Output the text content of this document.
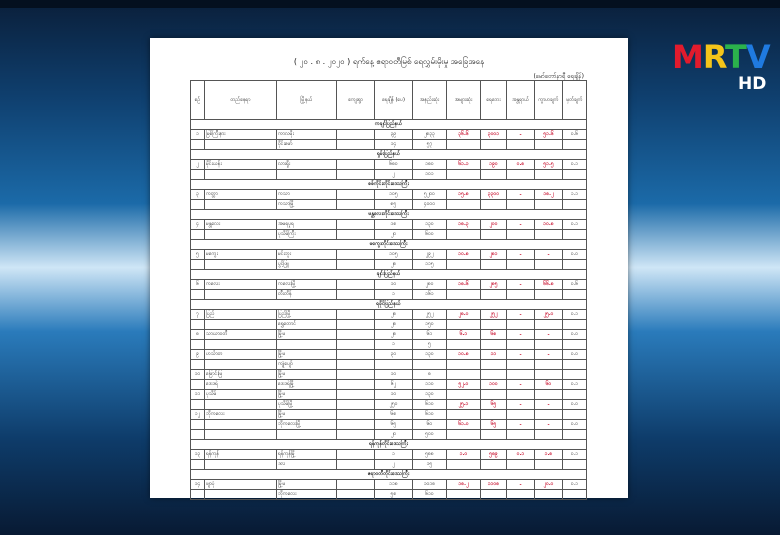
MRTV
HD
( ၂၀ . ၈ . ၂၀၂၀ ) ရက်နေ့ ဧရာဝတီမြစ် ရေလွှမ်းမိုးမှု အခြေအနေ
(မော်တော်နာရီ ရေချိန်)
စဉ်	တည်နေရာ	မြို့နယ်	ကျေးရွာ	ရေချိန် (ပေ)	အနည်းဆုံး	အများဆုံး	ရေဘေး	အန္တရာယ်	ကွာဟချက်	မှတ်ချက်
ကချင်ပြည်နယ်										
၁	မြစ်ကြီးနား	ကာလမိုး		၃၉	၂၈၃၃	၃၆.၆	၃၀၀၁	-	၅၁.၆	၀.၆
		ဝိုင်းမော်		၁၄	၅၇					
ရှမ်းပြည်နယ်										
၂	မိုင်းယန်း	လားရှိုး		၆၈၀	၁၈၀	၆၁.၁	၁၉၀	၀.၈	၅၁.၅	၀.၁
				၂	၁၀၁					
စစ်ကိုင်းတိုင်းဒေသကြီး										
၃	ကတ္တာ	ကသာ		၁၀၅	၅၂၀၀	၁၅.၈	၃၃၀၀	-	၁၈.၂	၁.၁
		ကသာမြို့		၈၅	၄၀၀၀					
မန္တလေးတိုင်းဒေသကြီး										
၄	မန္တလေး	အမရပူရ		၁၈	၁၃၀	၁၈.၃	၂၀၀	-	၁၀.၈	၀.၁
		ပုသိမ်ကြီး		၂၀	၆၀၀					
မကွေးတိုင်းဒေသကြီး										
၅	မကွေး	မင်းဘူး		၁၀၅	၂၉၂	၁၀.၈	၂၈၁	-	-	၀.၀
		ပွင့်ဖြူ		၂၈	၁၁၅					
ချင်းပြည်နယ်										
၆	ကလေး	ကလေးမြို့		၁၀	၂၈၀	၁၈.၆	၂၈၅	-	၆၆.၈	၀.၆
		တီးတိန်		၁	၁၆၁					
ရခိုင်ပြည်နယ်										
၇	ပြည်	ပြည်မြို့		၂၈	၂၅၂	၂၈.၀	၂၅၂	-	၂၅.၀	၀.၁
		ရွှေတောင်		၂၈	၁၅၀					
၈	သာယာဝတီ	မြို့မ		၂၈	၆၁	၆.၁	၆၈	-	-	၀.၀
				၁	၅					
၉	ဟင်္သာတ	မြို့မ		၃၀	၁၃၀	၁၀.၈	၁၁	-	-	၀.၀
		ကျုံပျော်								
၁၀	မြောင်းမြ	မြို့မ		၁၀	၈					
	ဒေးဒရဲ	ဒေးဒရဲမြို့		၆၂	၁၁၀	၅၂.၀	၁၀၀	-	၆၀	၀.၁
၁၁	ပုသိမ်	မြို့မ		၁၀	၁၃၀					
		ပုသိမ်မြို့		၂၅၀	၆၁၀	၂၅.၁	၆၅	-	-	၀.၀
၁၂	ဘိုကလေး	မြို့မ		၆၈	၆၁၀					
		ဘိုကလေးမြို့		၆၅	၆၀	၆၁.၀	၆၅	-	-	၀.၀
				၂၀	၅၀၀					
ရန်ကုန်တိုင်းဒေသကြီး										
၁၃	ရန်ကုန်	ရန်ကုန်မြို့		၁	၅၈၈	၁.၀	၅၈၉	၀.၁	၁.၈	၀.၁
		ဒလ		၂	၁၅					
ဧရာဝတီတိုင်းဒေသကြီး										
၁၄	ဖျာပုံ	မြို့မ		၁၁၈	၁၀၁၈	၁၈.၂	၁၁၀၈	-	၂၀.၀	၀.၁
		ဘိုကလေး		၅၈	၆၁၀					
